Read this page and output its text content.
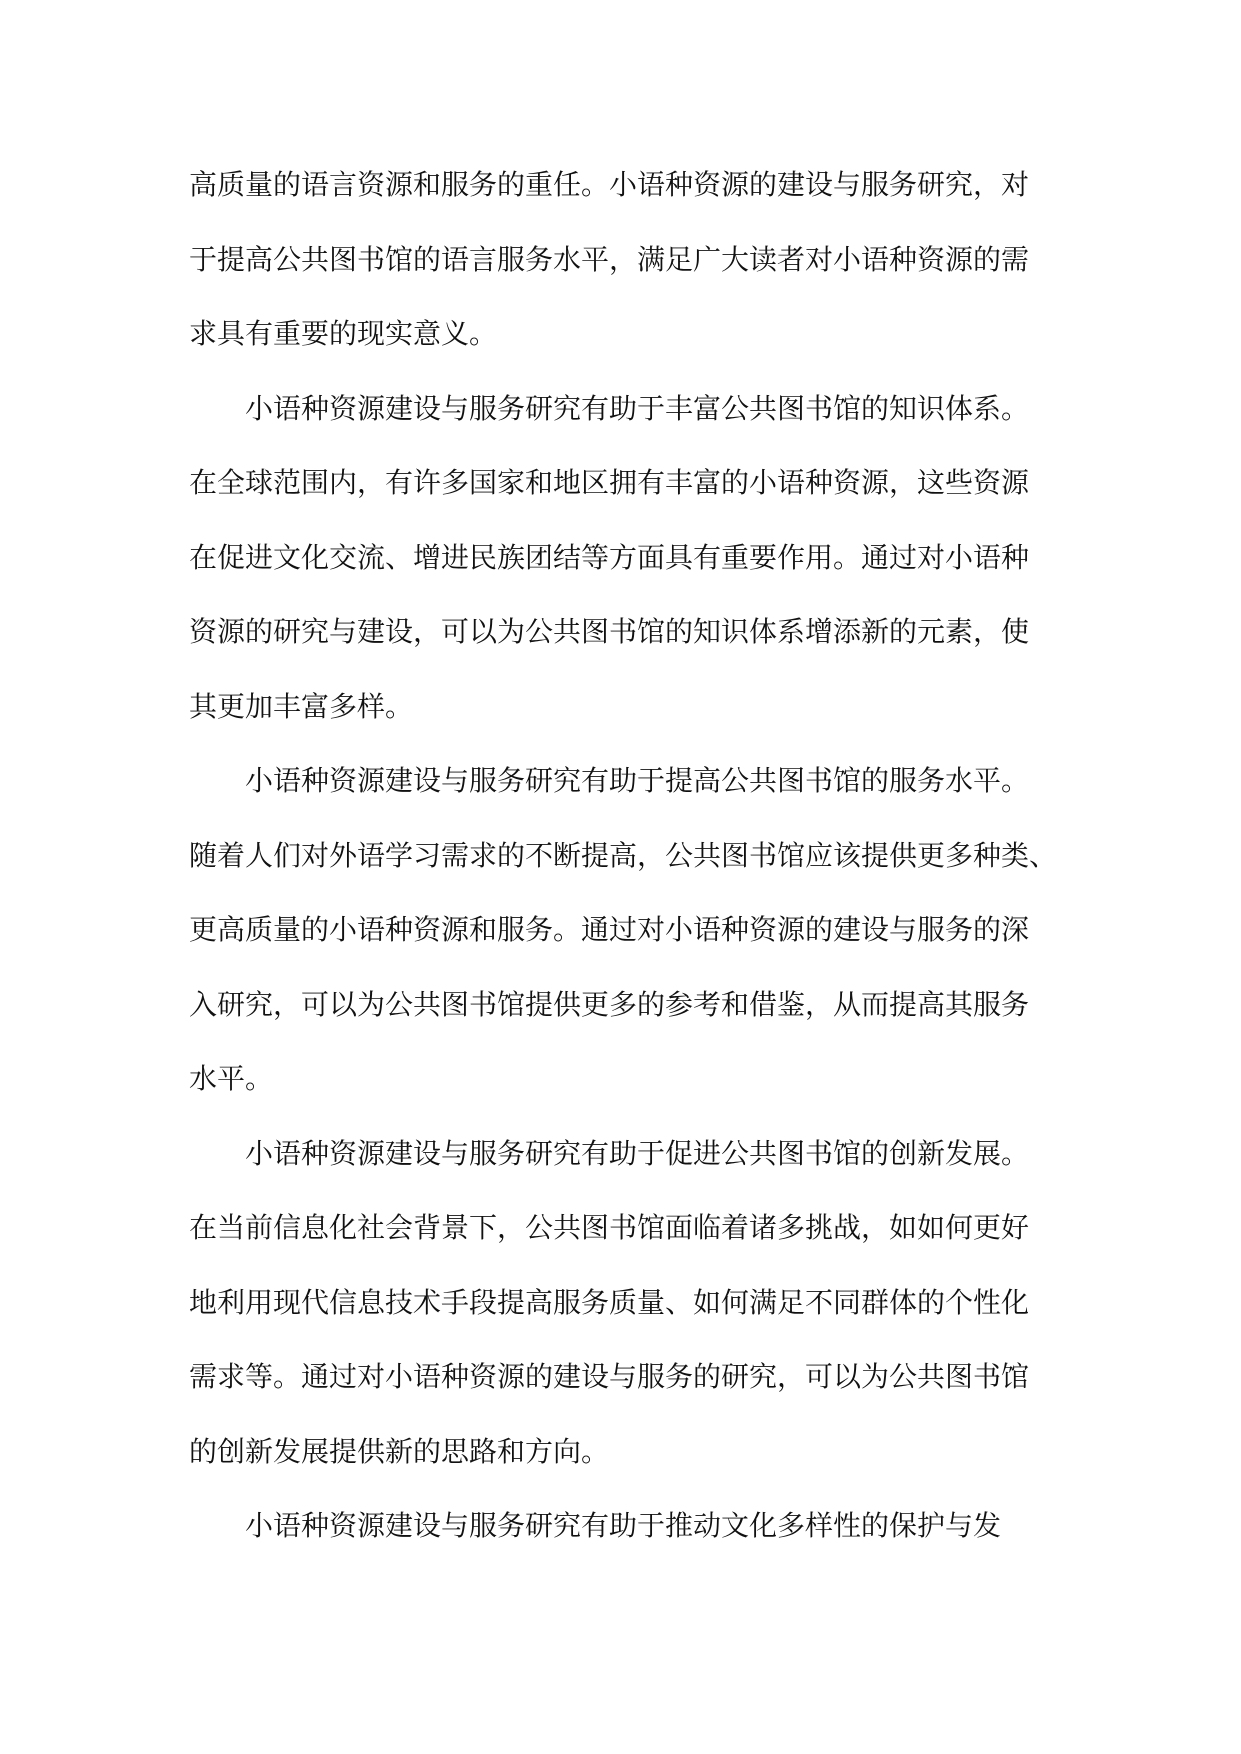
高质量的语言资源和服务的重任。小语种资源的建设与服务研究，对
于提高公共图书馆的语言服务水平，满足广大读者对小语种资源的需
求具有重要的现实意义。
小语种资源建设与服务研究有助于丰富公共图书馆的知识体系。
在全球范围内，有许多国家和地区拥有丰富的小语种资源，这些资源
在促进文化交流、增进民族团结等方面具有重要作用。通过对小语种
资源的研究与建设，可以为公共图书馆的知识体系增添新的元素，使
其更加丰富多样。
小语种资源建设与服务研究有助于提高公共图书馆的服务水平。
随着人们对外语学习需求的不断提高，公共图书馆应该提供更多种类、
更高质量的小语种资源和服务。通过对小语种资源的建设与服务的深
入研究，可以为公共图书馆提供更多的参考和借鉴，从而提高其服务
水平。
小语种资源建设与服务研究有助于促进公共图书馆的创新发展。
在当前信息化社会背景下，公共图书馆面临着诸多挑战，如如何更好
地利用现代信息技术手段提高服务质量、如何满足不同群体的个性化
需求等。通过对小语种资源的建设与服务的研究，可以为公共图书馆
的创新发展提供新的思路和方向。
小语种资源建设与服务研究有助于推动文化多样性的保护与发
